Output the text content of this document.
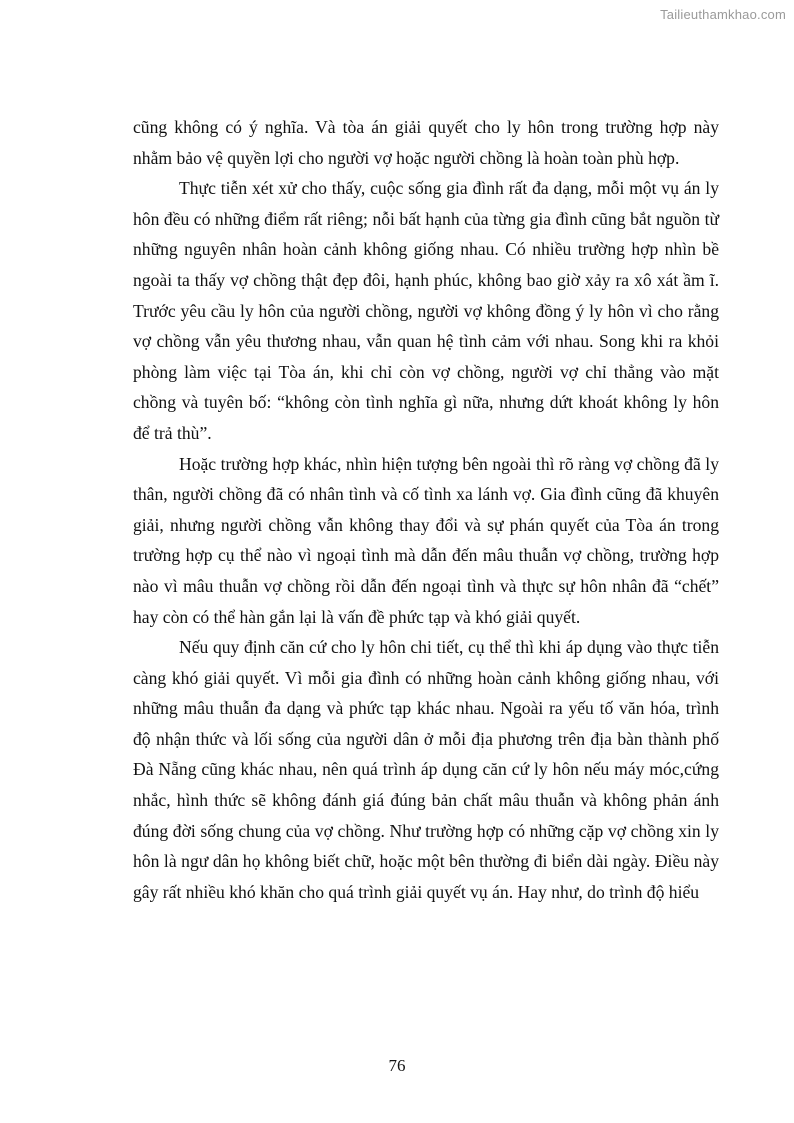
Tailieuthamkhao.com

cũng không có ý nghĩa. Và tòa án giải quyết cho ly hôn trong trường hợp này nhằm bảo vệ quyền lợi cho người vợ hoặc người chồng là hoàn toàn phù hợp.

Thực tiễn xét xử cho thấy, cuộc sống gia đình rất đa dạng, mỗi một vụ án ly hôn đều có những điểm rất riêng; nỗi bất hạnh của từng gia đình cũng bắt nguồn từ những nguyên nhân hoàn cảnh không giống nhau. Có nhiều trường hợp nhìn bề ngoài ta thấy vợ chồng thật đẹp đôi, hạnh phúc, không bao giờ xảy ra xô xát ầm ĩ. Trước yêu cầu ly hôn của người chồng, người vợ không đồng ý ly hôn vì cho rằng vợ chồng vẫn yêu thương nhau, vẫn quan hệ tình cảm với nhau. Song khi ra khỏi phòng làm việc tại Tòa án, khi chỉ còn vợ chồng, người vợ chỉ thẳng vào mặt chồng và tuyên bố: “không còn tình nghĩa gì nữa, nhưng dứt khoát không ly hôn để trả thù”.

Hoặc trường hợp khác, nhìn hiện tượng bên ngoài thì rõ ràng vợ chồng đã ly thân, người chồng đã có nhân tình và cố tình xa lánh vợ. Gia đình cũng đã khuyên giải, nhưng người chồng vẫn không thay đổi và sự phán quyết của Tòa án trong trường hợp cụ thể nào vì ngoại tình mà dẫn đến mâu thuẫn vợ chồng, trường hợp nào vì mâu thuẫn vợ chồng rồi dẫn đến ngoại tình và thực sự hôn nhân đã “chết” hay còn có thể hàn gắn lại là vấn đề phức tạp và khó giải quyết.

Nếu quy định căn cứ cho ly hôn chi tiết, cụ thể thì khi áp dụng vào thực tiễn càng khó giải quyết. Vì mỗi gia đình có những hoàn cảnh không giống nhau, với những mâu thuẫn đa dạng và phức tạp khác nhau. Ngoài ra yếu tố văn hóa, trình độ nhận thức và lối sống của người dân ở mỗi địa phương trên địa bàn thành phố Đà Nẵng cũng khác nhau, nên quá trình áp dụng căn cứ ly hôn nếu máy móc,cứng nhắc, hình thức sẽ không đánh giá đúng bản chất mâu thuẫn và không phản ánh đúng đời sống chung của vợ chồng. Như trường hợp có những cặp vợ chồng xin ly hôn là ngư dân họ không biết chữ, hoặc một bên thường đi biển dài ngày. Điều này gây rất nhiều khó khăn cho quá trình giải quyết vụ án. Hay như, do trình độ hiểu

76
